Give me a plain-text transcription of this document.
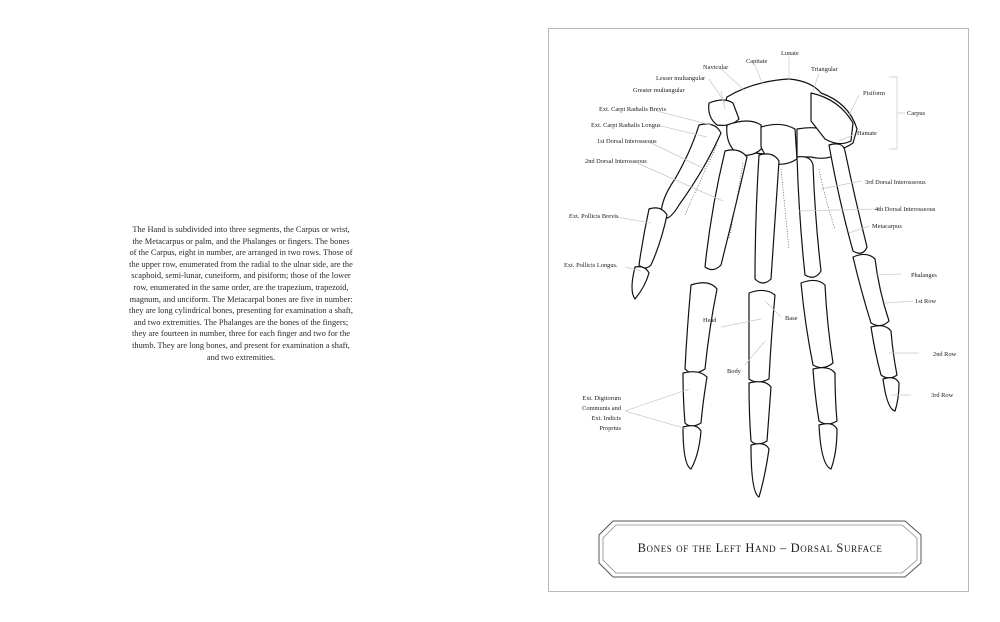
The Hand is subdivided into three segments, the Carpus or wrist, the Metacarpus or palm, and the Phalanges or fingers. The bones of the Carpus, eight in number, are arranged in two rows. Those of the upper row, enumerated from the radial to the ulnar side, are the scaphoid, semi-lunar, cuneiform, and pisiform; those of the lower row, enumerated in the same order, are the trapezium, trapezoid, magnum, and unciform. The Metacarpal bones are five in number: they are long cylindrical bones, presenting for examination a shaft, and two extremities. The Phalanges are the bones of the fingers; they are fourteen in number, three for each finger and two for the thumb. They are long bones, and present for examination a shaft, and two extremities.

Lunate
Capitate
Navicular	Triangular
Lesser multangular
Greater multangular	Pisiform
Carpus
Ext. Carpi Radialis Brevis
Ext. Carpi Radialis Longus
Hamate
1st Dorsal Interosseous
2nd Dorsal Interosseous
3rd Dorsal Interosseous
4th Dorsal Interosseous
Ext. Pollicis Brevis
Metacarpus
Ext. Pollicis Longus.
Phalanges
1st Row
Head	Base
2nd Row
Body
3rd Row
Ext. Digitorum
Communis and
Ext. Indicis
Proprius
Bones of the Left Hand – Dorsal Surface
